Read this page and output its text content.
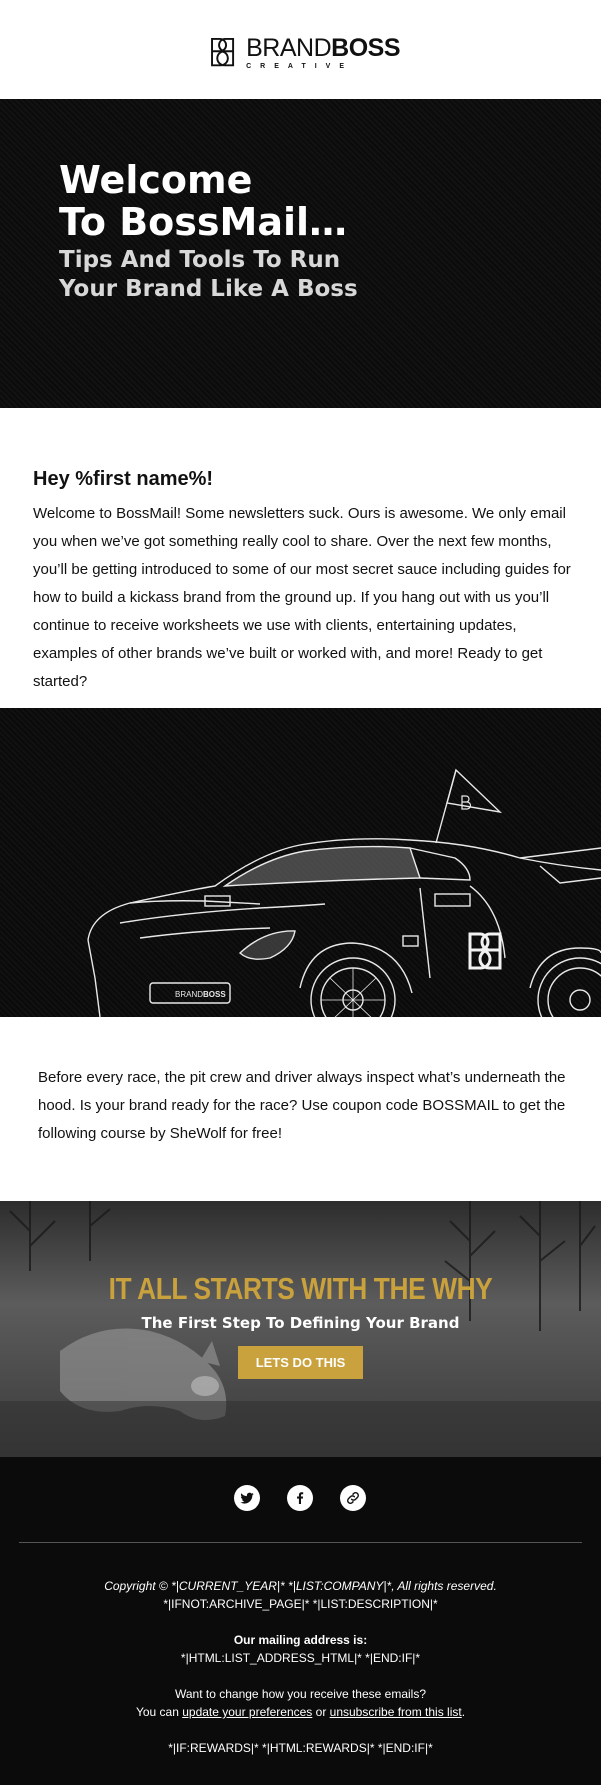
BRANDBOSS
CREATIVE
Welcome
To BossMail…
Tips And Tools To Run
Your Brand Like A Boss
Hey %first name%!

Welcome to BossMail! Some newsletters suck. Ours is awesome. We only email you when we’ve got something really cool to share. Over the next few months, you’ll be getting introduced to some of our most secret sauce including guides for how to build a kickass brand from the ground up. If you hang out with us you’ll continue to receive worksheets we use with clients, entertaining updates, examples of other brands we’ve built or worked with, and more! Ready to get started?

BRANDBOSS

Before every race, the pit crew and driver always inspect what’s underneath the hood. Is your brand ready for the race? Use coupon code BOSSMAIL to get the following course by SheWolf for free!

IT ALL STARTS WITH THE WHY

The First Step To Defining Your Brand

LETS DO THIS

Copyright © *|CURRENT_YEAR|* *|LIST:COMPANY|*, All rights reserved.

*|IFNOT:ARCHIVE_PAGE|* *|LIST:DESCRIPTION|*

Our mailing address is:

*|HTML:LIST_ADDRESS_HTML|* *|END:IF|*

Want to change how you receive these emails?

You can update your preferences or unsubscribe from this list.

*|IF:REWARDS|* *|HTML:REWARDS|* *|END:IF|*
